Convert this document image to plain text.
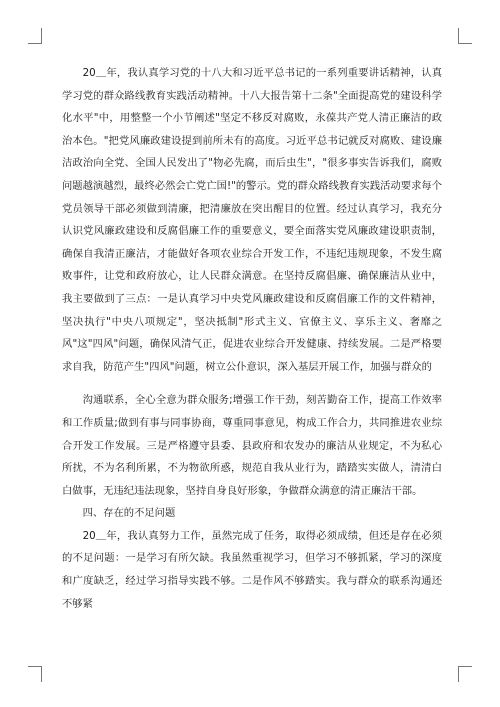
20＿年，我认真学习党的十八大和习近平总书记的一系列重要讲话精神，认真学习党的群众路线教育实践活动精神。十八大报告第十二条"全面提高党的建设科学化水平"中，用整整一个小节阐述"坚定不移反对腐败，永葆共产党人清正廉洁的政治本色。"把党风廉政建设提到前所未有的高度。习近平总书记就反对腐败、建设廉洁政治向全党、全国人民发出了"物必先腐，而后虫生"，"很多事实告诉我们，腐败问题越演越烈，最终必然会亡党亡国!"的警示。党的群众路线教育实践活动要求每个党员领导干部必须做到清廉，把清廉放在突出醒目的位置。经过认真学习，我充分认识党风廉政建设和反腐倡廉工作的重要意义，要全面落实党风廉政建设职责制，确保自我清正廉洁，才能做好各项农业综合开发工作，不违纪违规现象，不发生腐败事件，让党和政府放心，让人民群众满意。在坚持反腐倡廉、确保廉洁从业中，我主要做到了三点：一是认真学习中央党风廉政建设和反腐倡廉工作的文件精神，坚决执行"中央八项规定"，坚决抵制"形式主义、官僚主义、享乐主义、奢靡之风"这"四风"问题，确保风清气正，促进农业综合开发健康、持续发展。二是严格要求自我，防范产生"四风"问题，树立公仆意识，深入基层开展工作，加强与群众的

沟通联系，全心全意为群众服务;增强工作干劲，刻苦勤奋工作，提高工作效率和工作质量;做到有事与同事协商，尊重同事意见，构成工作合力，共同推进农业综合开发工作发展。三是严格遵守县委、县政府和农发办的廉洁从业规定，不为私心所扰，不为名利所累，不为物欲所惑，规范自我从业行为，踏踏实实做人，清清白白做事，无违纪违法现象，坚持自身良好形象，争做群众满意的清正廉洁干部。

四、存在的不足问题

20＿年，我认真努力工作，虽然完成了任务，取得必须成绩，但还是存在必须的不足问题：一是学习有所欠缺。我虽然重视学习，但学习不够抓紧，学习的深度和广度缺乏，经过学习指导实践不够。二是作风不够踏实。我与群众的联系沟通还不够紧
